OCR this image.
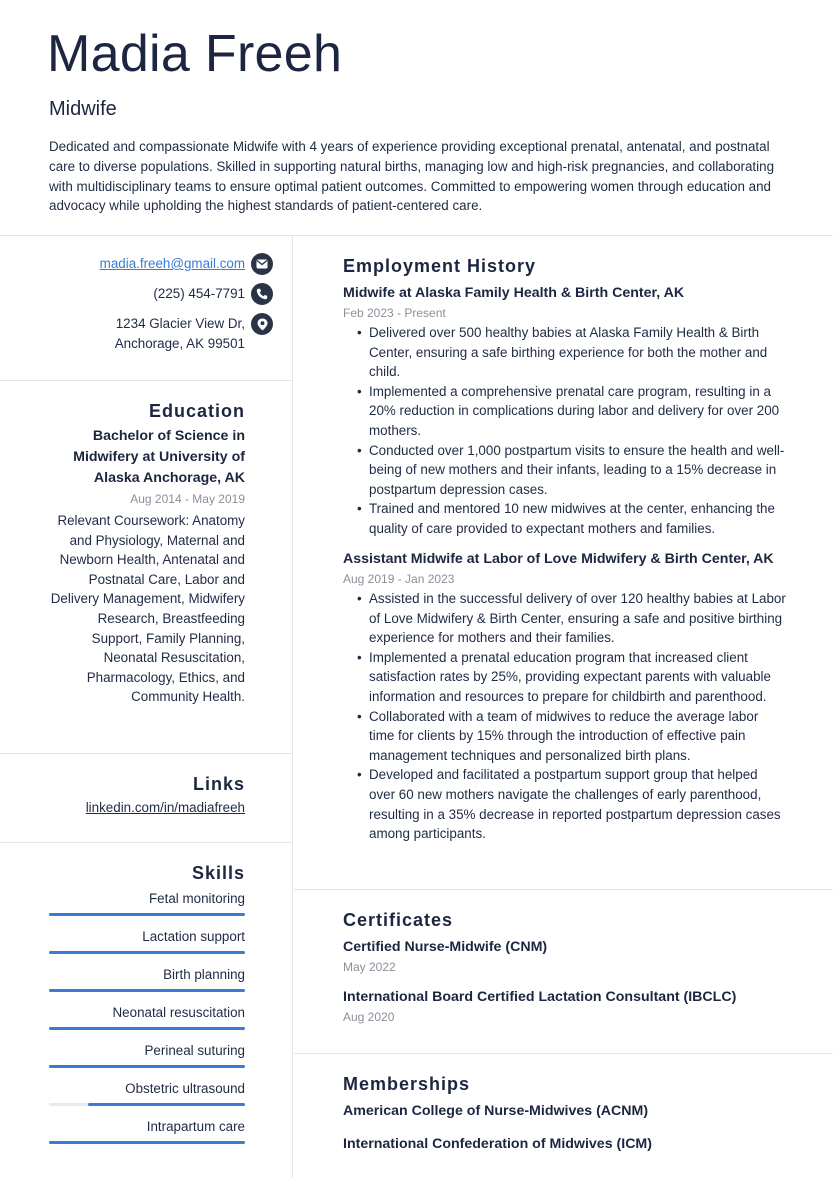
Madia Freeh
Midwife
Dedicated and compassionate Midwife with 4 years of experience providing exceptional prenatal, antenatal, and postnatal care to diverse populations. Skilled in supporting natural births, managing low and high-risk pregnancies, and collaborating with multidisciplinary teams to ensure optimal patient outcomes. Committed to empowering women through education and advocacy while upholding the highest standards of patient-centered care.
madia.freeh@gmail.com
(225) 454-7791
1234 Glacier View Dr,
Anchorage, AK 99501
Education
Bachelor of Science in Midwifery at University of Alaska Anchorage, AK
Aug 2014 - May 2019
Relevant Coursework: Anatomy and Physiology, Maternal and Newborn Health, Antenatal and Postnatal Care, Labor and Delivery Management, Midwifery Research, Breastfeeding Support, Family Planning, Neonatal Resuscitation, Pharmacology, Ethics, and Community Health.
Links
linkedin.com/in/madiafreeh
Skills
Fetal monitoring
Lactation support
Birth planning
Neonatal resuscitation
Perineal suturing
Obstetric ultrasound
Intrapartum care
Employment History
Midwife at Alaska Family Health & Birth Center, AK
Feb 2023 - Present
• Delivered over 500 healthy babies at Alaska Family Health & Birth Center, ensuring a safe birthing experience for both the mother and child.
• Implemented a comprehensive prenatal care program, resulting in a 20% reduction in complications during labor and delivery for over 200 mothers.
• Conducted over 1,000 postpartum visits to ensure the health and well-being of new mothers and their infants, leading to a 15% decrease in postpartum depression cases.
• Trained and mentored 10 new midwives at the center, enhancing the quality of care provided to expectant mothers and families.
Assistant Midwife at Labor of Love Midwifery & Birth Center, AK
Aug 2019 - Jan 2023
• Assisted in the successful delivery of over 120 healthy babies at Labor of Love Midwifery & Birth Center, ensuring a safe and positive birthing experience for mothers and their families.
• Implemented a prenatal education program that increased client satisfaction rates by 25%, providing expectant parents with valuable information and resources to prepare for childbirth and parenthood.
• Collaborated with a team of midwives to reduce the average labor time for clients by 15% through the introduction of effective pain management techniques and personalized birth plans.
• Developed and facilitated a postpartum support group that helped over 60 new mothers navigate the challenges of early parenthood, resulting in a 35% decrease in reported postpartum depression cases among participants.
Certificates
Certified Nurse-Midwife (CNM)
May 2022
International Board Certified Lactation Consultant (IBCLC)
Aug 2020
Memberships
American College of Nurse-Midwives (ACNM)
International Confederation of Midwives (ICM)
